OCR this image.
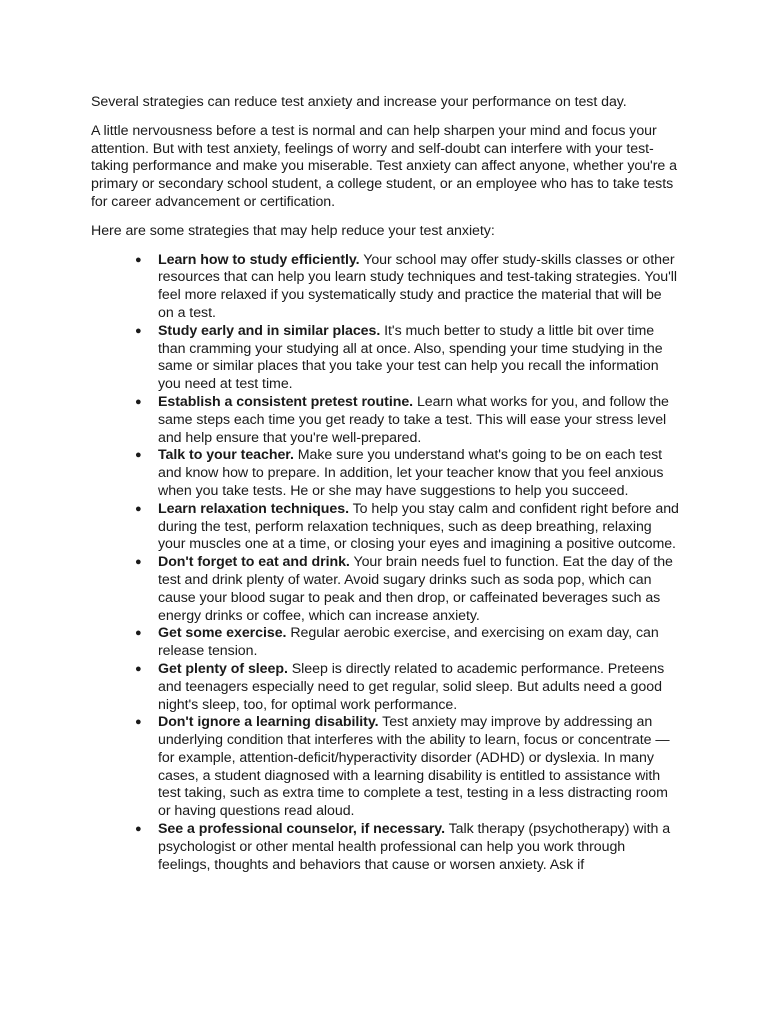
Several strategies can reduce test anxiety and increase your performance on test day.

A little nervousness before a test is normal and can help sharpen your mind and focus your attention. But with test anxiety, feelings of worry and self-doubt can interfere with your test-taking performance and make you miserable. Test anxiety can affect anyone, whether you're a primary or secondary school student, a college student, or an employee who has to take tests for career advancement or certification.

Here are some strategies that may help reduce your test anxiety:

● Learn how to study efficiently. Your school may offer study-skills classes or other resources that can help you learn study techniques and test-taking strategies. You'll feel more relaxed if you systematically study and practice the material that will be on a test.
● Study early and in similar places. It's much better to study a little bit over time than cramming your studying all at once. Also, spending your time studying in the same or similar places that you take your test can help you recall the information you need at test time.
● Establish a consistent pretest routine. Learn what works for you, and follow the same steps each time you get ready to take a test. This will ease your stress level and help ensure that you're well-prepared.
● Talk to your teacher. Make sure you understand what's going to be on each test and know how to prepare. In addition, let your teacher know that you feel anxious when you take tests. He or she may have suggestions to help you succeed.
● Learn relaxation techniques. To help you stay calm and confident right before and during the test, perform relaxation techniques, such as deep breathing, relaxing your muscles one at a time, or closing your eyes and imagining a positive outcome.
● Don't forget to eat and drink. Your brain needs fuel to function. Eat the day of the test and drink plenty of water. Avoid sugary drinks such as soda pop, which can cause your blood sugar to peak and then drop, or caffeinated beverages such as energy drinks or coffee, which can increase anxiety.
● Get some exercise. Regular aerobic exercise, and exercising on exam day, can release tension.
● Get plenty of sleep. Sleep is directly related to academic performance. Preteens and teenagers especially need to get regular, solid sleep. But adults need a good night's sleep, too, for optimal work performance.
● Don't ignore a learning disability. Test anxiety may improve by addressing an underlying condition that interferes with the ability to learn, focus or concentrate — for example, attention-deficit/hyperactivity disorder (ADHD) or dyslexia. In many cases, a student diagnosed with a learning disability is entitled to assistance with test taking, such as extra time to complete a test, testing in a less distracting room or having questions read aloud.
● See a professional counselor, if necessary. Talk therapy (psychotherapy) with a psychologist or other mental health professional can help you work through feelings, thoughts and behaviors that cause or worsen anxiety. Ask if
